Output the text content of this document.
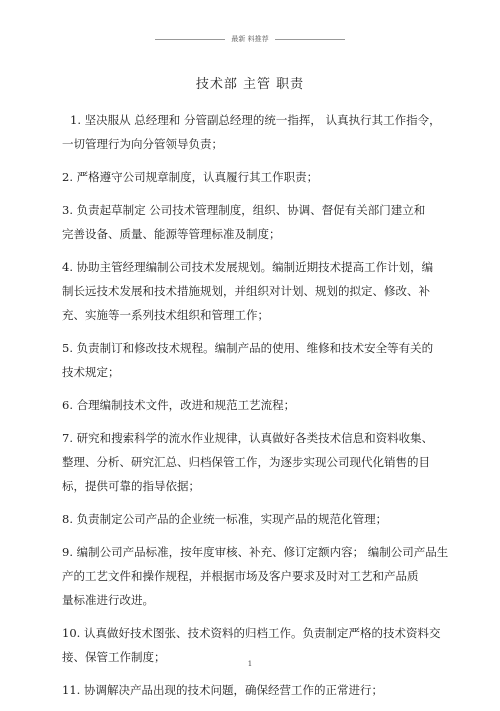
最新 料推荐
技术部 主管 职责
1. 坚决服从 总经理和 分管副总经理的统一指挥， 认真执行其工作指令，
一切管理行为向分管领导负责；
2. 严格遵守公司规章制度，认真履行其工作职责；
3. 负责起草制定 公司技术管理制度，组织、协调、督促有关部门建立和
完善设备、质量、能源等管理标准及制度；
4. 协助主管经理编制公司技术发展规划。编制近期技术提高工作计划，编
制长远技术发展和技术措施规划，并组织对计划、规划的拟定、修改、补
充、实施等一系列技术组织和管理工作；
5. 负责制订和修改技术规程。编制产品的使用、维修和技术安全等有关的
技术规定；
6. 合理编制技术文件，改进和规范工艺流程；
7. 研究和搜索科学的流水作业规律，认真做好各类技术信息和资料收集、
整理、分析、研究汇总、归档保管工作，为逐步实现公司现代化销售的目
标，提供可靠的指导依据；
8. 负责制定公司产品的企业统一标准，实现产品的规范化管理；
9. 编制公司产品标准，按年度审核、补充、修订定额内容； 编制公司产品生
产的工艺文件和操作规程，并根据市场及客户要求及时对工艺和产品质
量标准进行改进。
10. 认真做好技术图张、技术资料的归档工作。负责制定严格的技术资料交
接、保管工作制度；
11. 协调解决产品出现的技术问题，确保经营工作的正常进行；
1
